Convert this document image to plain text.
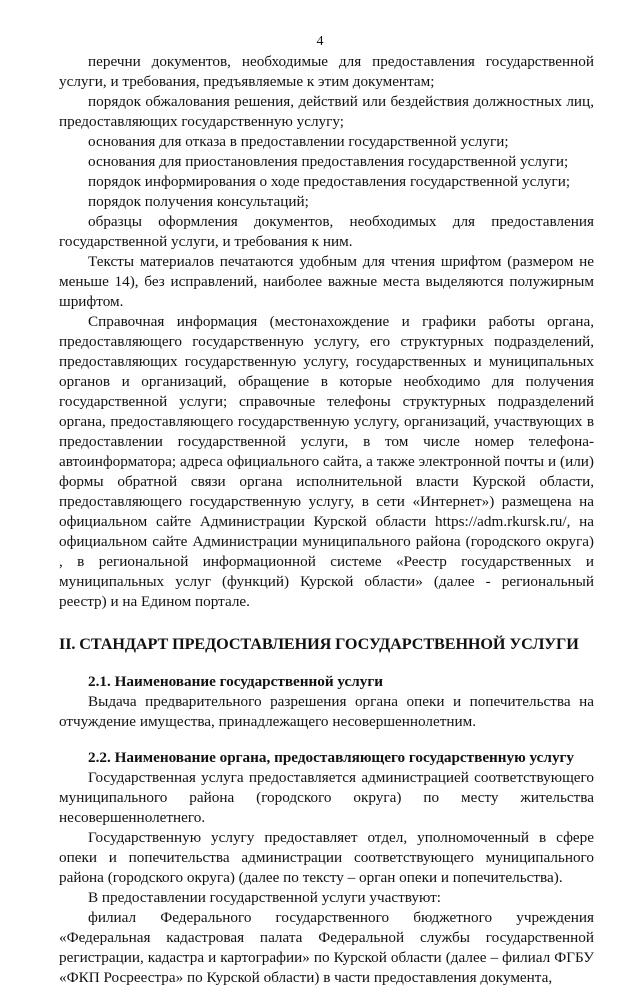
4

перечни документов, необходимые для предоставления государственной услуги, и требования, предъявляемые к этим документам;

порядок обжалования решения, действий или бездействия должностных лиц, предоставляющих государственную услугу;

основания для отказа в предоставлении государственной услуги;

основания для приостановления предоставления государственной услуги;

порядок информирования о ходе предоставления государственной услуги;

порядок получения консультаций;

образцы оформления документов, необходимых для предоставления государственной услуги, и требования к ним.

Тексты материалов печатаются удобным для чтения шрифтом (размером не меньше 14), без исправлений, наиболее важные места выделяются полужирным шрифтом.

Справочная информация (местонахождение и графики работы органа, предоставляющего государственную услугу, его структурных подразделений, предоставляющих государственную услугу, государственных и муниципальных органов и организаций, обращение в которые необходимо для получения государственной услуги; справочные телефоны структурных подразделений органа, предоставляющего государственную услугу, организаций, участвующих в предоставлении государственной услуги, в том числе номер телефона-автоинформатора; адреса официального сайта, а также электронной почты и (или) формы обратной связи органа исполнительной власти Курской области, предоставляющего государственную услугу, в сети «Интернет») размещена на официальном сайте Администрации Курской области https://adm.rkursk.ru/, на официальном сайте Администрации муниципального района (городского округа) , в региональной информационной системе «Реестр государственных и муниципальных услуг (функций) Курской области» (далее - региональный реестр) и на Едином портале.

II. СТАНДАРТ ПРЕДОСТАВЛЕНИЯ ГОСУДАРСТВЕННОЙ УСЛУГИ

2.1. Наименование государственной услуги

Выдача предварительного разрешения органа опеки и попечительства на отчуждение имущества, принадлежащего несовершеннолетним.

2.2. Наименование органа, предоставляющего государственную услугу

Государственная услуга предоставляется администрацией соответствующего муниципального района (городского округа) по месту жительства несовершеннолетнего.

Государственную услугу предоставляет отдел, уполномоченный в сфере опеки и попечительства администрации соответствующего муниципального района (городского округа) (далее по тексту – орган опеки и попечительства).

В предоставлении государственной услуги участвуют:

филиал Федерального государственного бюджетного учреждения «Федеральная кадастровая палата Федеральной службы государственной регистрации, кадастра и картографии» по Курской области (далее – филиал ФГБУ «ФКП Росреестра» по Курской области) в части предоставления документа,
